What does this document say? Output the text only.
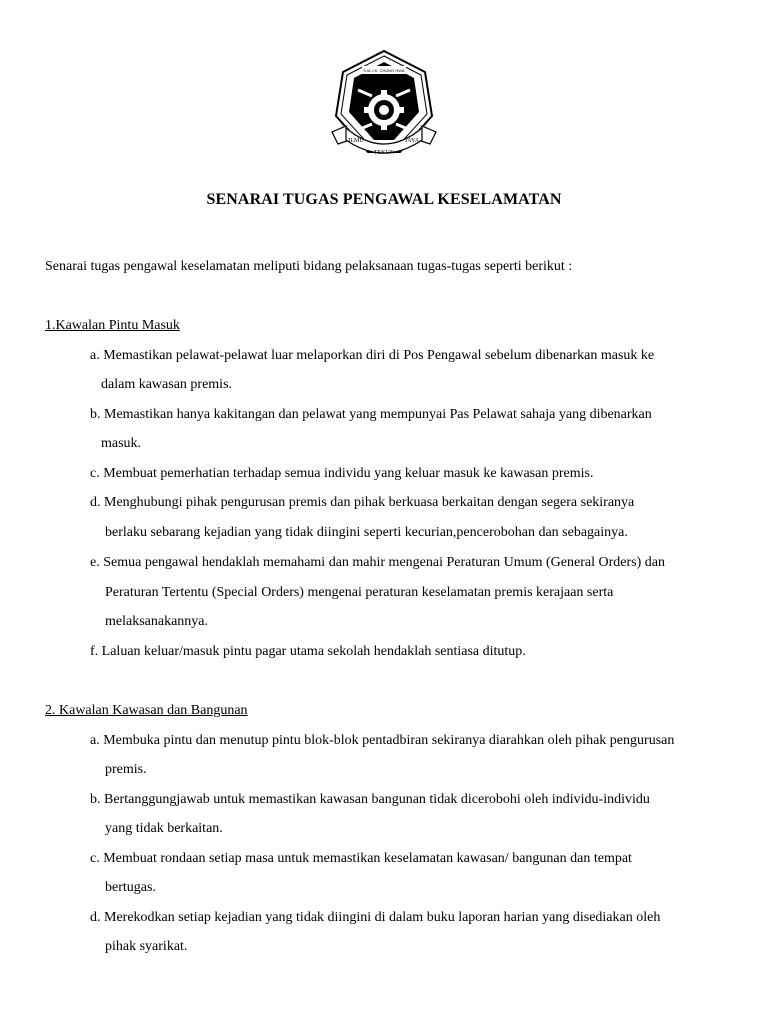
S.M.J.K. CHUNG HWA
ILMU
TEKUN
JAYA
SENARAI TUGAS PENGAWAL KESELAMATAN
Senarai tugas pengawal keselamatan meliputi bidang pelaksanaan tugas-tugas seperti berikut :
1.Kawalan Pintu Masuk
a. Memastikan pelawat-pelawat luar melaporkan diri di Pos Pengawal sebelum dibenarkan masuk ke
dalam kawasan premis.
b. Memastikan hanya kakitangan dan pelawat yang mempunyai Pas Pelawat sahaja yang dibenarkan
masuk.
c. Membuat pemerhatian terhadap semua individu yang keluar masuk ke kawasan premis.
d. Menghubungi pihak pengurusan premis dan pihak berkuasa berkaitan dengan segera sekiranya
berlaku sebarang kejadian yang tidak diingini seperti kecurian,pencerobohan dan sebagainya.
e. Semua pengawal hendaklah memahami dan mahir mengenai Peraturan Umum (General Orders) dan
Peraturan Tertentu (Special Orders) mengenai peraturan keselamatan premis kerajaan serta
melaksanakannya.
f. Laluan keluar/masuk pintu pagar utama sekolah hendaklah sentiasa ditutup.
2. Kawalan Kawasan dan Bangunan
a. Membuka pintu dan menutup pintu blok-blok pentadbiran sekiranya diarahkan oleh pihak pengurusan
premis.
b. Bertanggungjawab untuk memastikan kawasan bangunan tidak dicerobohi oleh individu-individu
yang tidak berkaitan.
c. Membuat rondaan setiap masa untuk memastikan keselamatan kawasan/ bangunan dan tempat
bertugas.
d. Merekodkan setiap kejadian yang tidak diingini di dalam buku laporan harian yang disediakan oleh
pihak syarikat.
